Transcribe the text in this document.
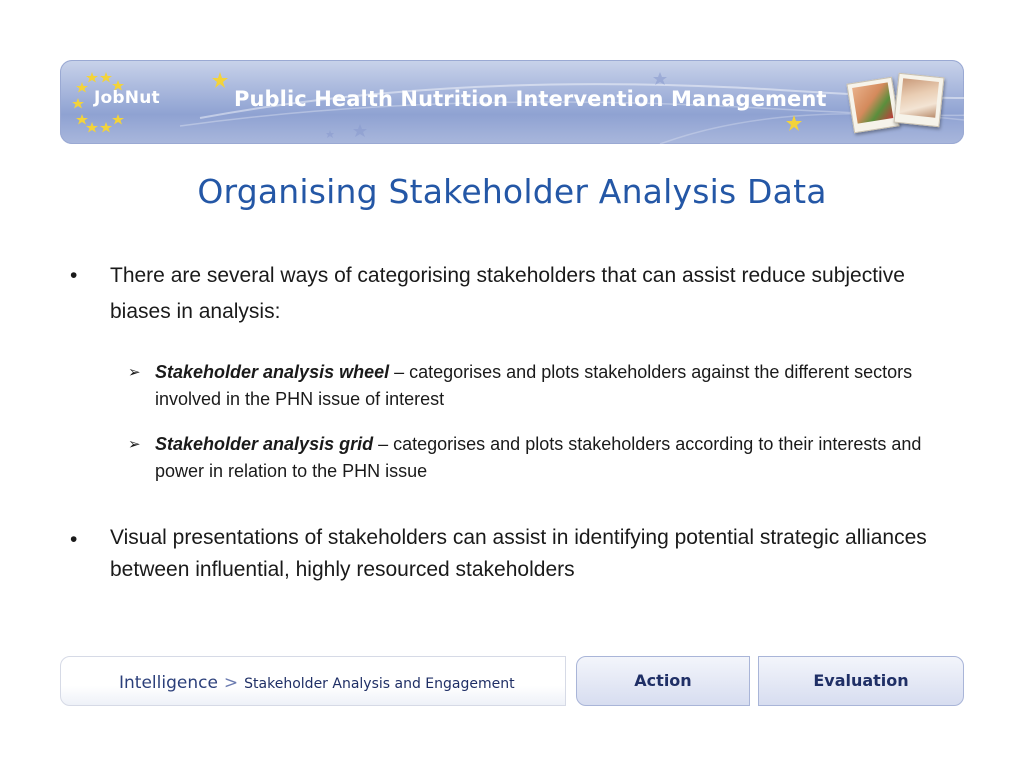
JobNut	Public Health Nutrition Intervention Management
Organising Stakeholder Analysis Data
• There are several ways of categorising stakeholders that can assist reduce subjective biases in analysis:
➢ Stakeholder analysis wheel – categorises and plots stakeholders against the different sectors involved in the PHN issue of interest
➢ Stakeholder analysis grid – categorises and plots stakeholders according to their interests and power in relation to the PHN issue
• Visual presentations of stakeholders can assist in identifying potential strategic alliances between influential, highly resourced stakeholders
Intelligence > Stakeholder Analysis and Engagement	Action	Evaluation
